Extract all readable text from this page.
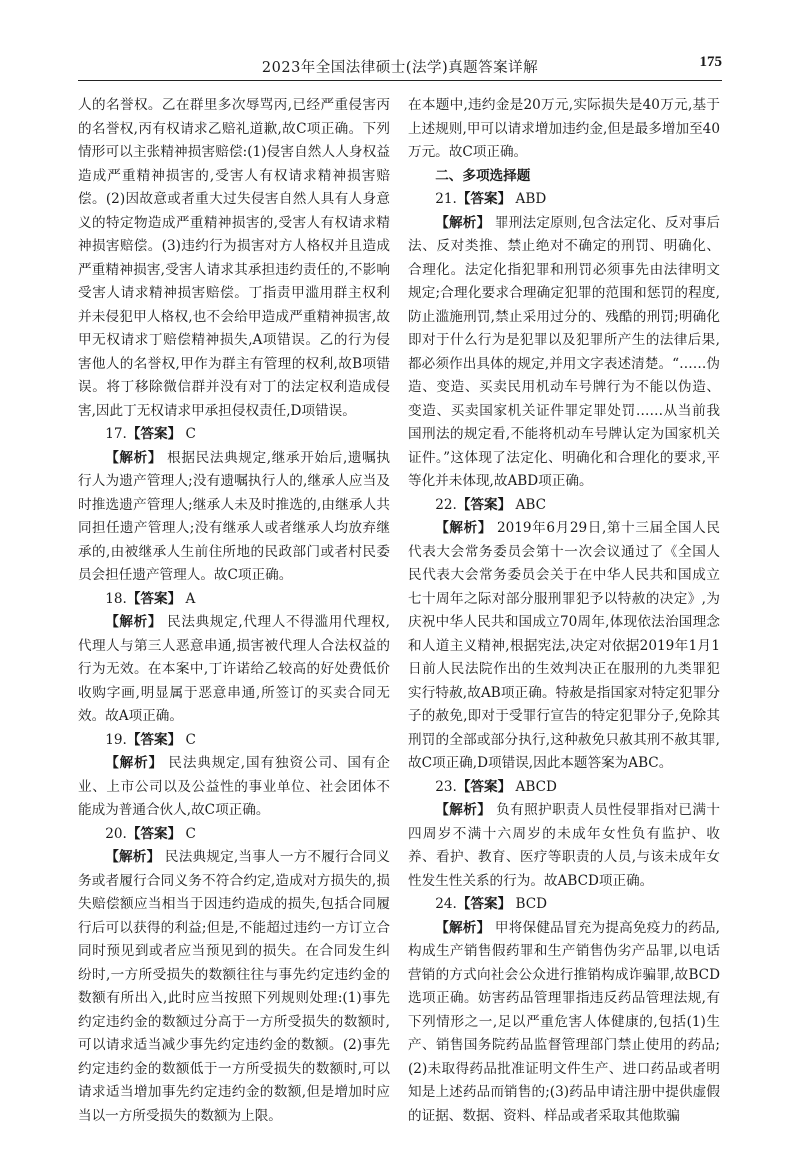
2023年全国法律硕士(法学)真题答案详解	175

人的名誉权。乙在群里多次辱骂丙,已经严重侵害丙的名誉权,丙有权请求乙赔礼道歉,故C项正确。下列情形可以主张精神损害赔偿:(1)侵害自然人人身权益造成严重精神损害的,受害人有权请求精神损害赔偿。(2)因故意或者重大过失侵害自然人具有人身意义的特定物造成严重精神损害的,受害人有权请求精神损害赔偿。(3)违约行为损害对方人格权并且造成严重精神损害,受害人请求其承担违约责任的,不影响受害人请求精神损害赔偿。丁指责甲滥用群主权利并未侵犯甲人格权,也不会给甲造成严重精神损害,故甲无权请求丁赔偿精神损失,A项错误。乙的行为侵害他人的名誉权,甲作为群主有管理的权利,故B项错误。将丁移除微信群并没有对丁的法定权利造成侵害,因此丁无权请求甲承担侵权责任,D项错误。

17.【答案】 C

【解析】 根据民法典规定,继承开始后,遗嘱执行人为遗产管理人;没有遗嘱执行人的,继承人应当及时推选遗产管理人;继承人未及时推选的,由继承人共同担任遗产管理人;没有继承人或者继承人均放弃继承的,由被继承人生前住所地的民政部门或者村民委员会担任遗产管理人。故C项正确。

18.【答案】 A

【解析】 民法典规定,代理人不得滥用代理权,代理人与第三人恶意串通,损害被代理人合法权益的行为无效。在本案中,丁许诺给乙较高的好处费低价收购字画,明显属于恶意串通,所签订的买卖合同无效。故A项正确。

19.【答案】 C

【解析】 民法典规定,国有独资公司、国有企业、上市公司以及公益性的事业单位、社会团体不能成为普通合伙人,故C项正确。

20.【答案】 C

【解析】 民法典规定,当事人一方不履行合同义务或者履行合同义务不符合约定,造成对方损失的,损失赔偿额应当相当于因违约造成的损失,包括合同履行后可以获得的利益;但是,不能超过违约一方订立合同时预见到或者应当预见到的损失。在合同发生纠纷时,一方所受损失的数额往往与事先约定违约金的数额有所出入,此时应当按照下列规则处理:(1)事先约定违约金的数额过分高于一方所受损失的数额时,可以请求适当减少事先约定违约金的数额。(2)事先约定违约金的数额低于一方所受损失的数额时,可以请求适当增加事先约定违约金的数额,但是增加时应当以一方所受损失的数额为上限。

在本题中,违约金是20万元,实际损失是40万元,基于上述规则,甲可以请求增加违约金,但是最多增加至40万元。故C项正确。

二、多项选择题

21.【答案】 ABD

【解析】 罪刑法定原则,包含法定化、反对事后法、反对类推、禁止绝对不确定的刑罚、明确化、合理化。法定化指犯罪和刑罚必须事先由法律明文规定;合理化要求合理确定犯罪的范围和惩罚的程度,防止滥施刑罚,禁止采用过分的、残酷的刑罚;明确化即对于什么行为是犯罪以及犯罪所产生的法律后果,都必须作出具体的规定,并用文字表述清楚。“……伪造、变造、买卖民用机动车号牌行为不能以伪造、变造、买卖国家机关证件罪定罪处罚……从当前我国刑法的规定看,不能将机动车号牌认定为国家机关证件。”这体现了法定化、明确化和合理化的要求,平等化并未体现,故ABD项正确。

22.【答案】 ABC

【解析】 2019年6月29日,第十三届全国人民代表大会常务委员会第十一次会议通过了《全国人民代表大会常务委员会关于在中华人民共和国成立七十周年之际对部分服刑罪犯予以特赦的决定》,为庆祝中华人民共和国成立70周年,体现依法治国理念和人道主义精神,根据宪法,决定对依据2019年1月1日前人民法院作出的生效判决正在服刑的九类罪犯实行特赦,故AB项正确。特赦是指国家对特定犯罪分子的赦免,即对于受罪行宣告的特定犯罪分子,免除其刑罚的全部或部分执行,这种赦免只赦其刑不赦其罪,故C项正确,D项错误,因此本题答案为ABC。

23.【答案】 ABCD

【解析】 负有照护职责人员性侵罪指对已满十四周岁不满十六周岁的未成年女性负有监护、收养、看护、教育、医疗等职责的人员,与该未成年女性发生性关系的行为。故ABCD项正确。

24.【答案】 BCD

【解析】 甲将保健品冒充为提高免疫力的药品,构成生产销售假药罪和生产销售伪劣产品罪,以电话营销的方式向社会公众进行推销构成诈骗罪,故BCD选项正确。妨害药品管理罪指违反药品管理法规,有下列情形之一,足以严重危害人体健康的,包括(1)生产、销售国务院药品监督管理部门禁止使用的药品;(2)未取得药品批准证明文件生产、进口药品或者明知是上述药品而销售的;(3)药品申请注册中提供虚假的证据、数据、资料、样品或者采取其他欺骗
